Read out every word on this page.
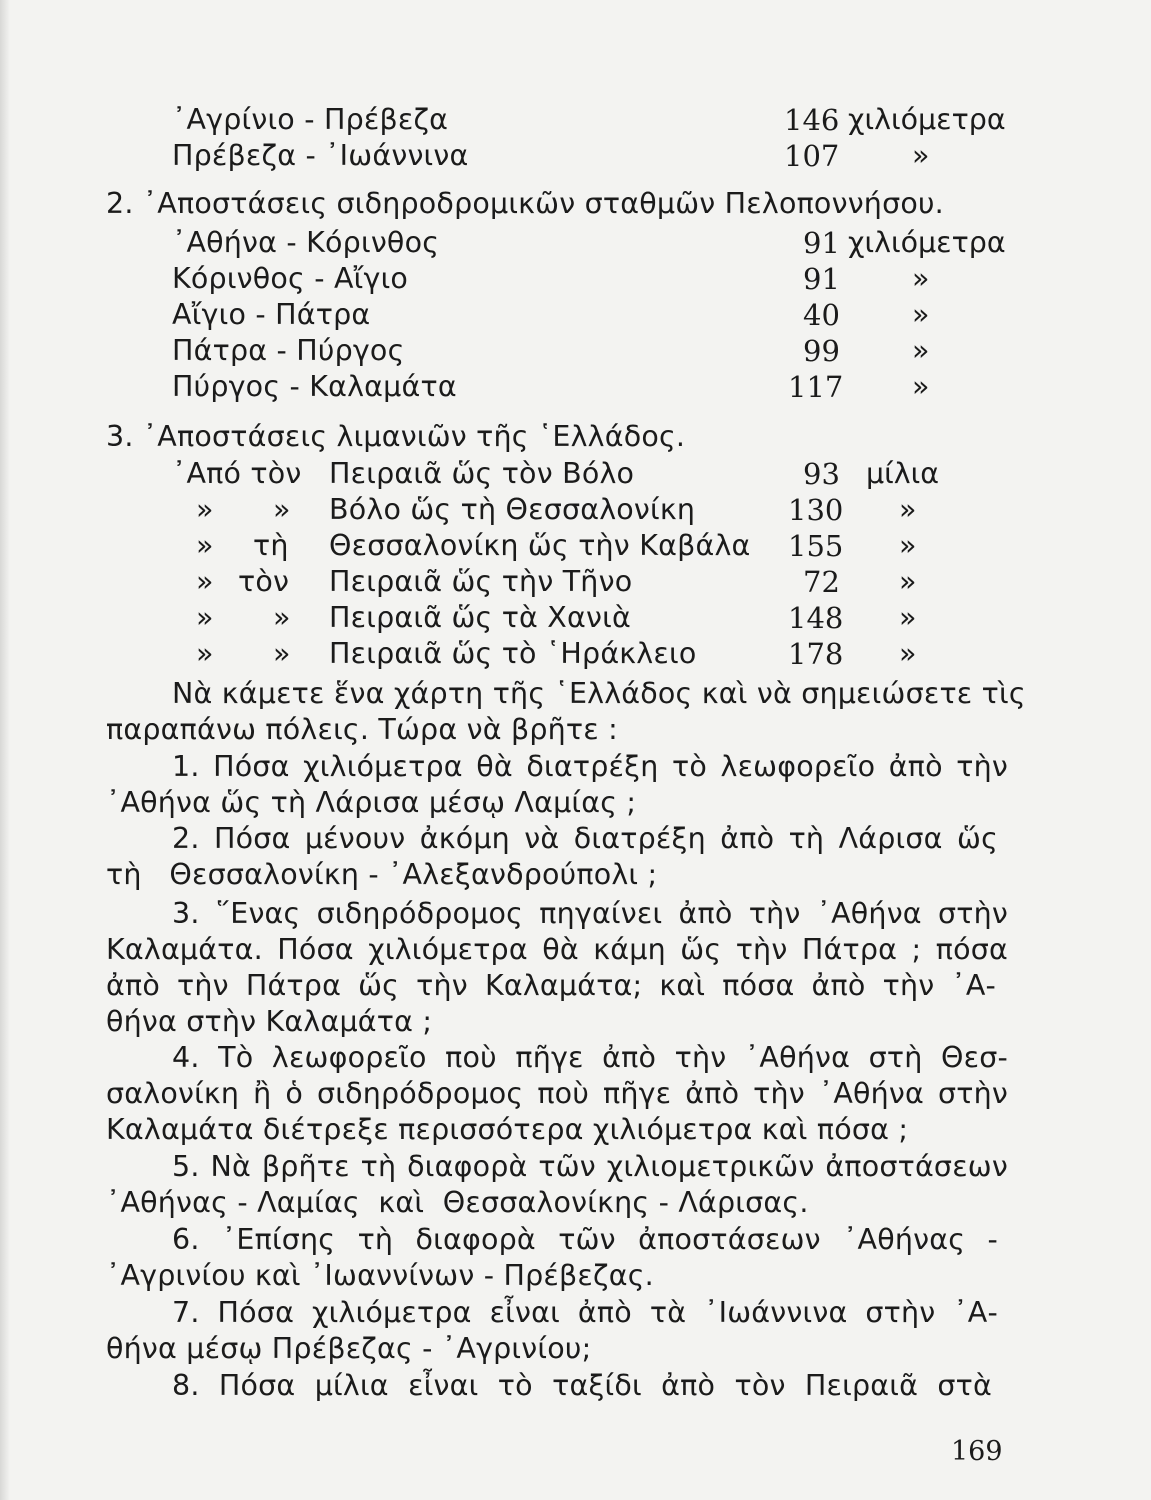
᾿Αγρίνιο - Πρέβεζα	146 χιλιόμετρα
Πρέβεζα - ᾿Ιωάννινα	107	»
2. ᾿Αποστάσεις σιδηροδρομικῶν σταθμῶν Πελοποννήσου.
᾿Αθήνα - Κόρινθος	91 χιλιόμετρα
Κόρινθος - Αἴγιο	91	»
Αἴγιο - Πάτρα	40	»
Πάτρα - Πύργος	99	»
Πύργος - Καλαμάτα	117 »
3. ᾿Αποστάσεις λιμανιῶν τῆς ῾Ελλάδος.
᾿Από τὸν Πειραιᾶ ὥς τὸν Βόλο	93 μίλια
» » Βόλο ὥς τὴ Θεσσαλονίκη	130 »
» τὴ Θεσσαλονίκη ὥς τὴν Καβάλα 155 »
» τὸν Πειραιᾶ ὥς τὴν Τῆνο	72 »
» » Πειραιᾶ ὥς τὰ Χανιὰ	148 »
» » Πειραιᾶ ὥς τὸ ῾Ηράκλειο	178 »
Νὰ κάμετε ἕνα χάρτη τῆς ῾Ελλάδος καὶ νὰ σημειώσετε τὶς
παραπάνω πόλεις. Τώρα νὰ βρῆτε :
1. Πόσα χιλιόμετρα θὰ διατρέξη τὸ λεωφορεῖο ἀπὸ τὴν
᾿Αθήνα ὥς τὴ Λάρισα μέσῳ Λαμίας ;
2. Πόσα μένουν ἀκόμη νὰ διατρέξη ἀπὸ τὴ Λάρισα ὥς
τὴ   Θεσσαλονίκη - ᾿Αλεξανδρούπολι ;
3. ῞Ενας σιδηρόδρομος πηγαίνει ἀπὸ τὴν ᾿Αθήνα στὴν
Καλαμάτα. Πόσα χιλιόμετρα θὰ κάμη ὥς τὴν Πάτρα ; πόσα
ἀπὸ τὴν Πάτρα ὥς τὴν Καλαμάτα; καὶ πόσα ἀπὸ τὴν ᾿Α-
θήνα στὴν Καλαμάτα ;
4. Τὸ λεωφορεῖο ποὺ πῆγε ἀπὸ τὴν ᾿Αθήνα στὴ Θεσ-
σαλονίκη ἢ ὁ σιδηρόδρομος ποὺ πῆγε ἀπὸ τὴν ᾿Αθήνα στὴν
Καλαμάτα διέτρεξε περισσότερα χιλιόμετρα καὶ πόσα ;
5. Νὰ βρῆτε τὴ διαφορὰ τῶν χιλιομετρικῶν ἀποστάσεων
᾿Αθήνας - Λαμίας  καὶ  Θεσσαλονίκης - Λάρισας.
6. ᾿Επίσης τὴ διαφορὰ τῶν ἀποστάσεων ᾿Αθήνας -
᾿Αγρινίου καὶ ᾿Ιωαννίνων - Πρέβεζας.
7. Πόσα χιλιόμετρα εἶναι ἀπὸ τὰ ᾿Ιωάννινα στὴν ᾿Α-
θήνα μέσῳ Πρέβεζας - ᾿Αγρινίου;
8. Πόσα μίλια εἶναι τὸ ταξίδι ἀπὸ τὸν Πειραιᾶ στὰ
169
